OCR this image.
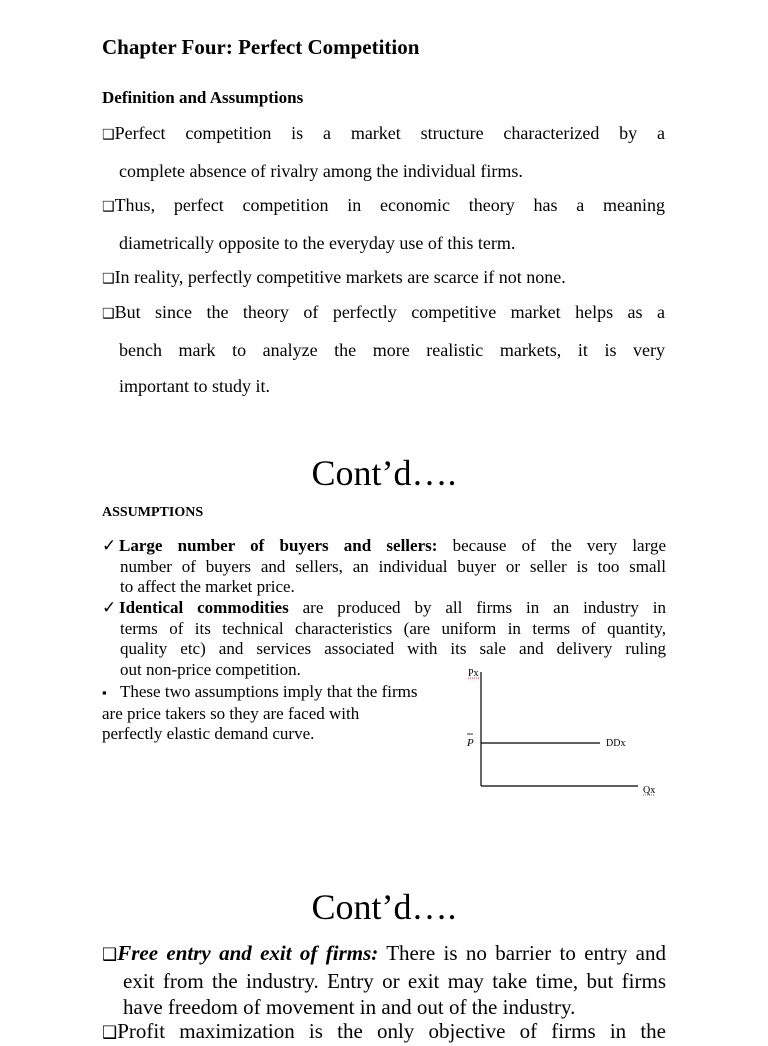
Chapter Four: Perfect Competition
Definition and Assumptions
❑Perfect competition is a market structure characterized by a
complete absence of rivalry among the individual firms.
❑Thus, perfect competition in economic theory has a meaning
diametrically opposite to the everyday use of this term.
❑In reality, perfectly competitive markets are scarce if not none.
❑But since the theory of perfectly competitive market helps as a
bench mark to analyze the more realistic markets, it is very
important to study it.
Cont’d….
ASSUMPTIONS
✓ Large number of buyers and sellers: because of the very large
number of buyers and sellers, an individual buyer or seller is too small
to affect the market price.
✓ Identical commodities are produced by all firms in an industry in
terms of its technical characteristics (are uniform in terms of quantity,
quality etc) and services associated with its sale and delivery ruling
out non-price competition.
▪ These two assumptions imply that the firms
are price takers so they are faced with
perfectly elastic demand curve.
Px
P	DDx
Qx
Cont’d….
❑Free entry and exit of firms: There is no barrier to entry and
exit from the industry. Entry or exit may take time, but firms
have freedom of movement in and out of the industry.
❑Profit maximization is the only objective of firms in the
